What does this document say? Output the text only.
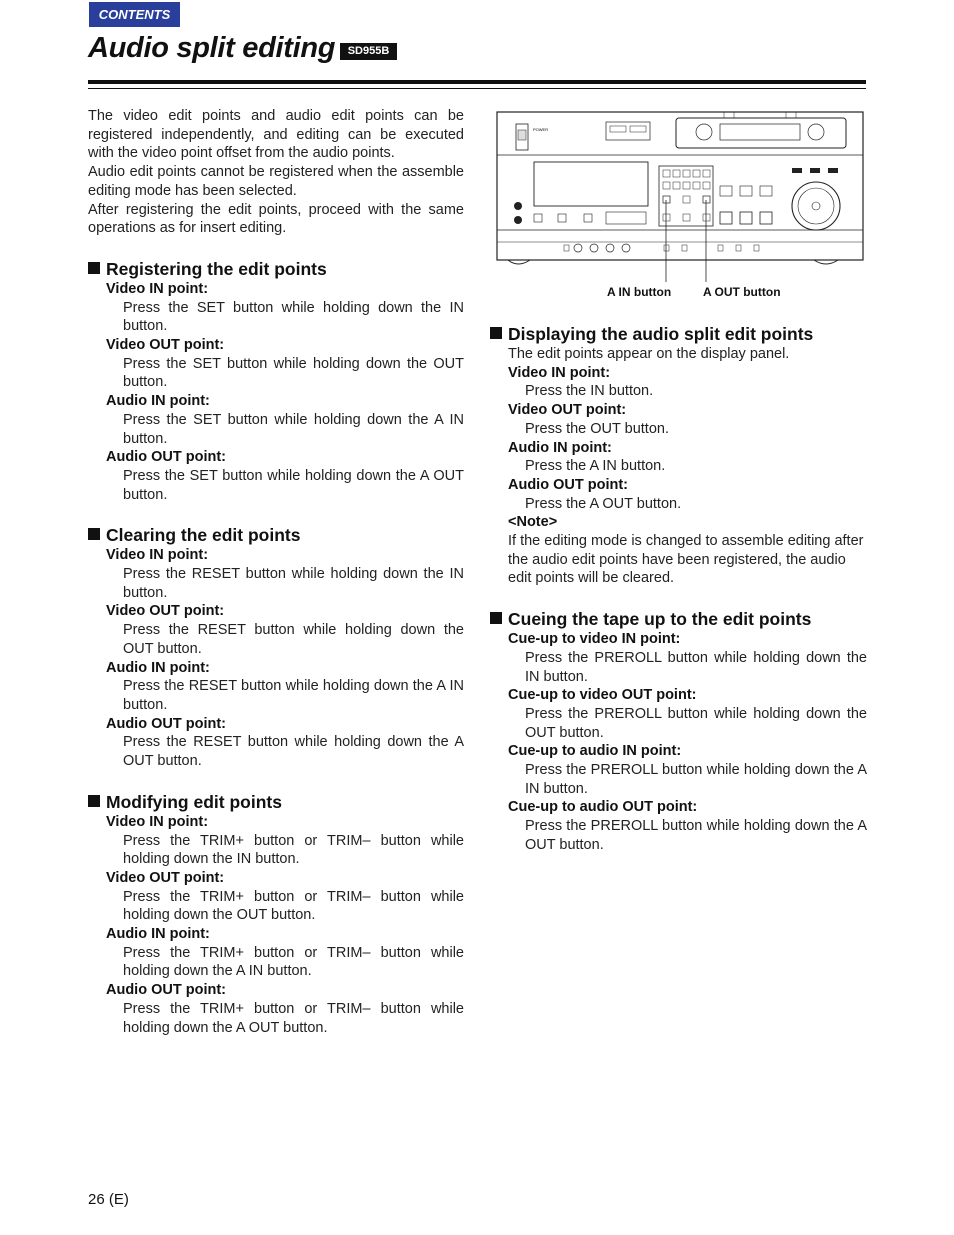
CONTENTS
Audio split editing	SD955B

The video edit points and audio edit points can be registered independently, and editing can be executed with the video point offset from the audio points.

Audio edit points cannot be registered when the assemble editing mode has been selected.

After registering the edit points, proceed with the same operations as for insert editing.

Registering the edit points

Video IN point:

Press the SET button while holding down the IN button.

Video OUT point:

Press the SET button while holding down the OUT button.

Audio IN point:

Press the SET button while holding down the A IN button.

Audio OUT point:

Press the SET button while holding down the A OUT button.

Clearing the edit points

Video IN point:

Press the RESET button while holding down the IN button.

Video OUT point:

Press the RESET button while holding down the OUT button.

Audio IN point:

Press the RESET button while holding down the A IN button.

Audio OUT point:

Press the RESET button while holding down the A OUT button.

Modifying edit points

Video IN point:

Press the TRIM+ button or TRIM– button while holding down the IN button.

Video OUT point:

Press the TRIM+ button or TRIM– button while holding down the OUT button.

Audio IN point:

Press the TRIM+ button or TRIM– button while holding down the A IN button.

Audio OUT point:

Press the TRIM+ button or TRIM– button while holding down the A OUT button.

POWER
A IN button	A OUT button
Displaying the audio split edit points

The edit points appear on the display panel.

Video IN point:

Press the IN button.

Video OUT point:

Press the OUT button.

Audio IN point:

Press the A IN button.

Audio OUT point:

Press the A OUT button.

<Note>

If the editing mode is changed to assemble editing after the audio edit points have been registered, the audio edit points will be cleared.

Cueing the tape up to the edit points

Cue-up to video IN point:

Press the PREROLL button while holding down the IN button.

Cue-up to video OUT point:

Press the PREROLL button while holding down the OUT button.

Cue-up to audio IN point:

Press the PREROLL button while holding down the A IN button.

Cue-up to audio OUT point:

Press the PREROLL button while holding down the A OUT button.

26 (E)
